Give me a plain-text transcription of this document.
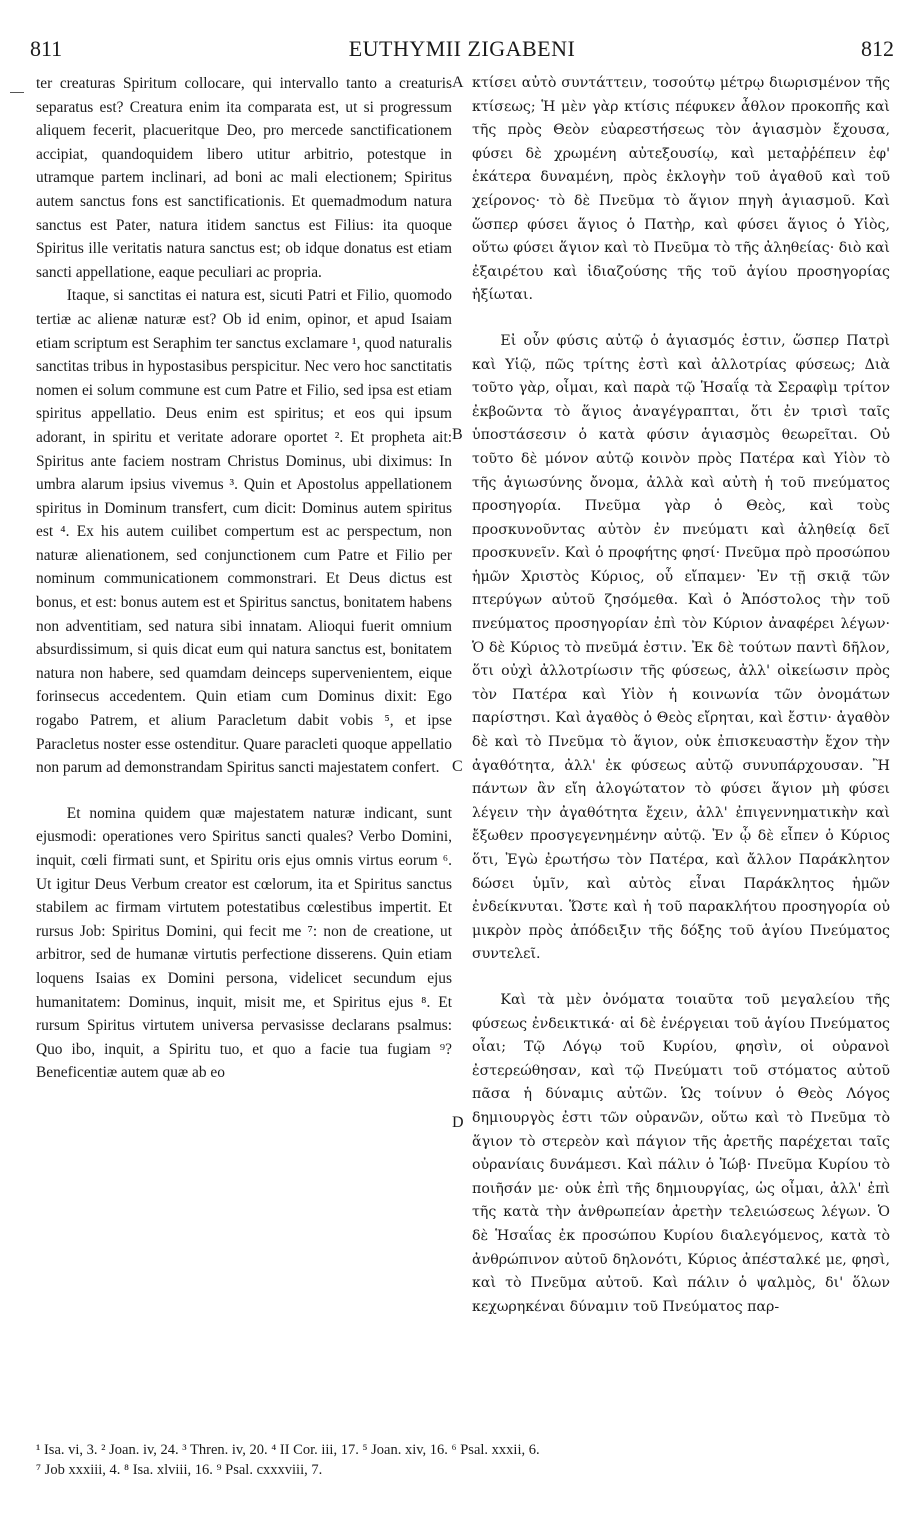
811	EUTHYMII ZIGABENI	812

ter creaturas Spiritum collocare, qui intervallo tanto a creaturis separatus est? Creatura enim ita comparata est, ut si progressum aliquem fecerit, placueritque Deo, pro mercede sanctificationem accipiat, quandoquidem libero utitur arbitrio, potestque in utramque partem inclinari, ad boni ac mali electionem; Spiritus autem sanctus fons est sanctificationis. Et quemadmodum natura sanctus est Pater, natura itidem sanctus est Filius: ita quoque Spiritus ille veritatis natura sanctus est; ob idque donatus est etiam sancti appellatione, eaque peculiari ac propria.

Itaque, si sanctitas ei natura est, sicuti Patri et Filio, quomodo tertiæ ac alienæ naturæ est? Ob id enim, opinor, et apud Isaiam etiam scriptum est Seraphim ter sanctus exclamare ¹, quod naturalis sanctitas tribus in hypostasibus perspicitur. Nec vero hoc sanctitatis nomen ei solum commune est cum Patre et Filio, sed ipsa est etiam spiritus appellatio. Deus enim est spiritus; et eos qui ipsum adorant, in spiritu et veritate adorare oportet ². Et propheta ait: Spiritus ante faciem nostram Christus Dominus, ubi diximus: In umbra alarum ipsius vivemus ³. Quin et Apostolus appellationem spiritus in Dominum transfert, cum dicit: Dominus autem spiritus est ⁴. Ex his autem cuilibet compertum est ac perspectum, non naturæ alienationem, sed conjunctionem cum Patre et Filio per nominum communicationem commonstrari. Et Deus dictus est bonus, et est: bonus autem est et Spiritus sanctus, bonitatem habens non adventitiam, sed natura sibi innatam. Alioqui fuerit omnium absurdissimum, si quis dicat eum qui natura sanctus est, bonitatem natura non habere, sed quamdam deinceps supervenientem, eique forinsecus accedentem. Quin etiam cum Dominus dixit: Ego rogabo Patrem, et alium Paracletum dabit vobis ⁵, et ipse Paracletus noster esse ostenditur. Quare paracleti quoque appellatio non parum ad demonstrandam Spiritus sancti majestatem confert.

Et nomina quidem quæ majestatem naturæ indicant, sunt ejusmodi: operationes vero Spiritus sancti quales? Verbo Domini, inquit, cœli firmati sunt, et Spiritu oris ejus omnis virtus eorum ⁶. Ut igitur Deus Verbum creator est cœlorum, ita et Spiritus sanctus stabilem ac firmam virtutem potestatibus cœlestibus impertit. Et rursus Job: Spiritus Domini, qui fecit me ⁷: non de creatione, ut arbitror, sed de humanæ virtutis perfectione disserens. Quin etiam loquens Isaias ex Domini persona, videlicet secundum ejus humanitatem: Dominus, inquit, misit me, et Spiritus ejus ⁸. Et rursum Spiritus virtutem universa pervasisse declarans psalmus: Quo ibo, inquit, a Spiritu tuo, et quo a facie tua fugiam ⁹? Beneficentiæ autem quæ ab eo

A
B
C
D

κτίσει αὐτὸ συντάττειν, τοσούτῳ μέτρῳ διωρισμένον τῆς κτίσεως; Ἡ μὲν γὰρ κτίσις πέφυκεν ἆθλον προκοπῆς καὶ τῆς πρὸς Θεὸν εὐαρεστήσεως τὸν ἁγιασμὸν ἔχουσα, φύσει δὲ χρωμένη αὐτεξουσίῳ, καὶ μεταῤῥέπειν ἐφ' ἑκάτερα δυναμένη, πρὸς ἐκλογὴν τοῦ ἀγαθοῦ καὶ τοῦ χείρονος· τὸ δὲ Πνεῦμα τὸ ἅγιον πηγὴ ἁγιασμοῦ. Καὶ ὥσπερ φύσει ἅγιος ὁ Πατὴρ, καὶ φύσει ἅγιος ὁ Υἱὸς, οὕτω φύσει ἅγιον καὶ τὸ Πνεῦμα τὸ τῆς ἀληθείας· διὸ καὶ ἐξαιρέτου καὶ ἰδιαζούσης τῆς τοῦ ἁγίου προσηγορίας ἠξίωται.

Εἰ οὖν φύσις αὐτῷ ὁ ἁγιασμός ἐστιν, ὥσπερ Πατρὶ καὶ Υἱῷ, πῶς τρίτης ἐστὶ καὶ ἀλλοτρίας φύσεως; Διὰ τοῦτο γὰρ, οἶμαι, καὶ παρὰ τῷ Ἡσαΐᾳ τὰ Σεραφὶμ τρίτον ἐκβοῶντα τὸ ἅγιος ἀναγέγραπται, ὅτι ἐν τρισὶ ταῖς ὑποστάσεσιν ὁ κατὰ φύσιν ἁγιασμὸς θεωρεῖται. Οὐ τοῦτο δὲ μόνον αὐτῷ κοινὸν πρὸς Πατέρα καὶ Υἱὸν τὸ τῆς ἁγιωσύνης ὄνομα, ἀλλὰ καὶ αὐτὴ ἡ τοῦ πνεύματος προσηγορία. Πνεῦμα γὰρ ὁ Θεὸς, καὶ τοὺς προσκυνοῦντας αὐτὸν ἐν πνεύματι καὶ ἀληθείᾳ δεῖ προσκυνεῖν. Καὶ ὁ προφήτης φησί· Πνεῦμα πρὸ προσώπου ἡμῶν Χριστὸς Κύριος, οὗ εἴπαμεν· Ἐν τῇ σκιᾷ τῶν πτερύγων αὐτοῦ ζησόμεθα. Καὶ ὁ Ἀπόστολος τὴν τοῦ πνεύματος προσηγορίαν ἐπὶ τὸν Κύριον ἀναφέρει λέγων· Ὁ δὲ Κύριος τὸ πνεῦμά ἐστιν. Ἐκ δὲ τούτων παντὶ δῆλον, ὅτι οὐχὶ ἀλλοτρίωσιν τῆς φύσεως, ἀλλ' οἰκείωσιν πρὸς τὸν Πατέρα καὶ Υἱὸν ἡ κοινωνία τῶν ὀνομάτων παρίστησι. Καὶ ἀγαθὸς ὁ Θεὸς εἴρηται, καὶ ἔστιν· ἀγαθὸν δὲ καὶ τὸ Πνεῦμα τὸ ἅγιον, οὐκ ἐπισκευαστὴν ἔχον τὴν ἀγαθότητα, ἀλλ' ἐκ φύσεως αὐτῷ συνυπάρχουσαν. Ἢ πάντων ἂν εἴη ἀλογώτατον τὸ φύσει ἅγιον μὴ φύσει λέγειν τὴν ἀγαθότητα ἔχειν, ἀλλ' ἐπιγεννηματικὴν καὶ ἔξωθεν προσγεγενημένην αὐτῷ. Ἐν ᾧ δὲ εἶπεν ὁ Κύριος ὅτι, Ἐγὼ ἐρωτήσω τὸν Πατέρα, καὶ ἄλλον Παράκλητον δώσει ὑμῖν, καὶ αὐτὸς εἶναι Παράκλητος ἡμῶν ἐνδείκνυται. Ὥστε καὶ ἡ τοῦ παρακλήτου προσηγορία οὐ μικρὸν πρὸς ἀπόδειξιν τῆς δόξης τοῦ ἁγίου Πνεύματος συντελεῖ.

Καὶ τὰ μὲν ὀνόματα τοιαῦτα τοῦ μεγαλείου τῆς φύσεως ἐνδεικτικά· αἱ δὲ ἐνέργειαι τοῦ ἁγίου Πνεύματος οἷαι; Τῷ Λόγῳ τοῦ Κυρίου, φησὶν, οἱ οὐρανοὶ ἐστερεώθησαν, καὶ τῷ Πνεύματι τοῦ στόματος αὐτοῦ πᾶσα ἡ δύναμις αὐτῶν. Ὡς τοίνυν ὁ Θεὸς Λόγος δημιουργὸς ἐστι τῶν οὐρανῶν, οὕτω καὶ τὸ Πνεῦμα τὸ ἅγιον τὸ στερεὸν καὶ πάγιον τῆς ἀρετῆς παρέχεται ταῖς οὐρανίαις δυνάμεσι. Καὶ πάλιν ὁ Ἰώβ· Πνεῦμα Κυρίου τὸ ποιῆσάν με· οὐκ ἐπὶ τῆς δημιουργίας, ὡς οἶμαι, ἀλλ' ἐπὶ τῆς κατὰ τὴν ἀνθρωπείαν ἀρετὴν τελειώσεως λέγων. Ὁ δὲ Ἡσαΐας ἐκ προσώπου Κυρίου διαλεγόμενος, κατὰ τὸ ἀνθρώπινον αὐτοῦ δηλονότι, Κύριος ἀπέσταλκέ με, φησὶ, καὶ τὸ Πνεῦμα αὐτοῦ. Καὶ πάλιν ὁ ψαλμὸς, δι' ὅλων κεχωρηκέναι δύναμιν τοῦ Πνεύματος παρ-

¹ Isa. vi, 3. ² Joan. iv, 24. ³ Thren. iv, 20. ⁴ II Cor. iii, 17. ⁵ Joan. xiv, 16. ⁶ Psal. xxxii, 6.
⁷ Job xxxiii, 4. ⁸ Isa. xlviii, 16. ⁹ Psal. cxxxviii, 7.
